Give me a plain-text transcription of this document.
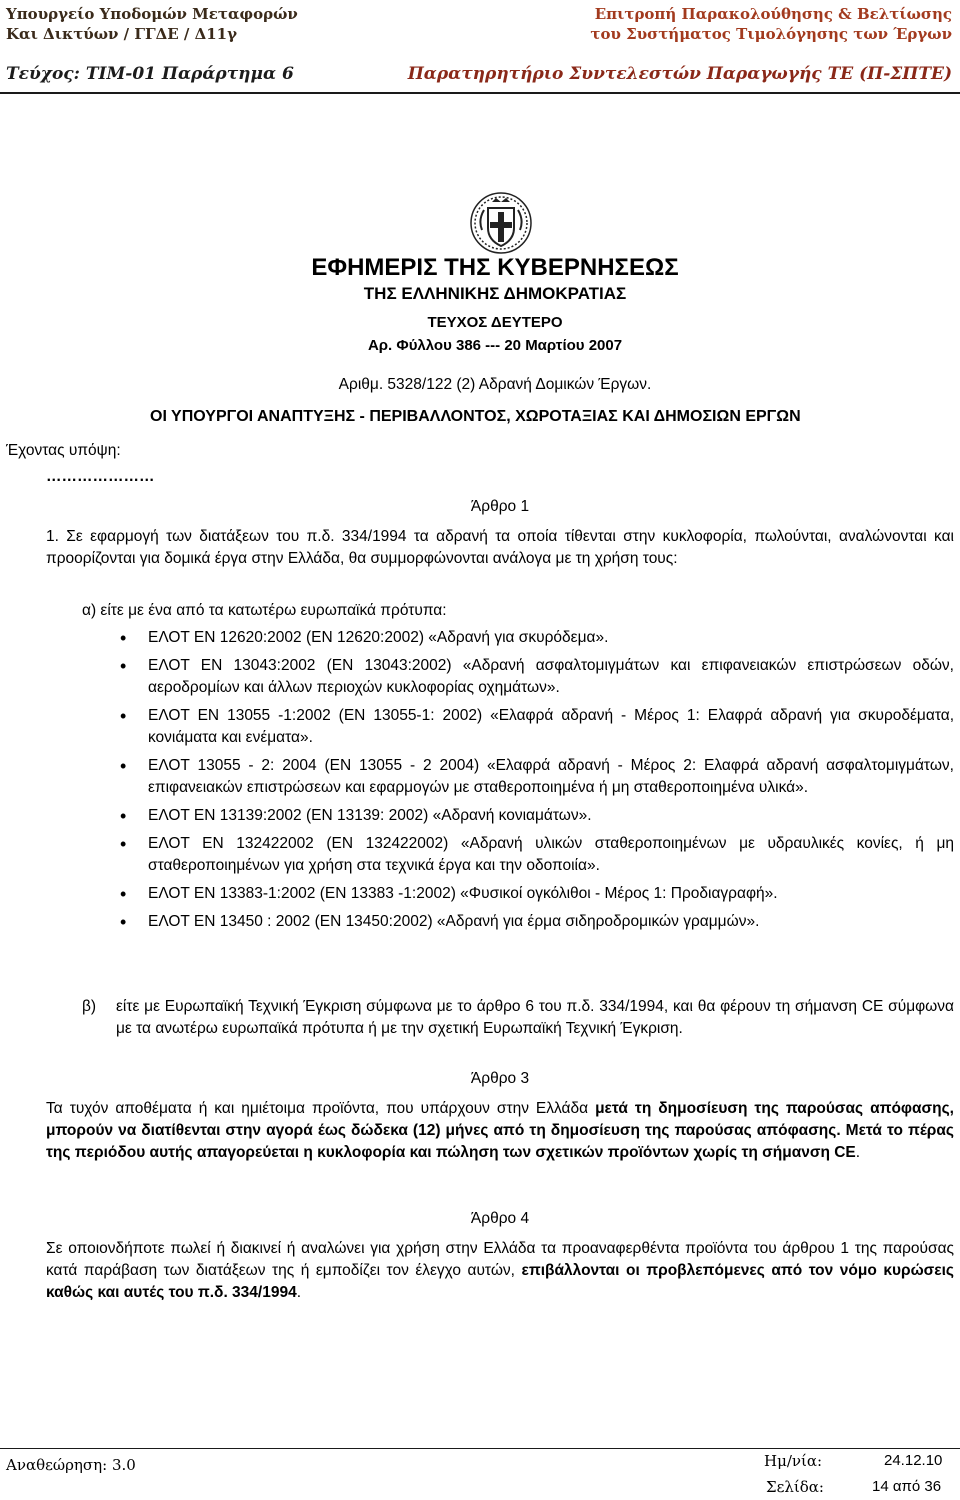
Υπουργείο Υποδομών Μεταφορών
Και Δικτύων / ΓΓΔΕ / Δ11γ
Επιτροπή Παρακολούθησης & Βελτίωσης
του Συστήματος Τιμολόγησης των Έργων
Τεύχος: ΤΙΜ-01 Παράρτημα 6	Παρατηρητήριο Συντελεστών Παραγωγής ΤΕ (Π-ΣΠΤΕ)
ΕΦΗΜΕΡΙΣ ΤΗΣ ΚΥΒΕΡΝΗΣΕΩΣ
ΤΗΣ ΕΛΛΗΝΙΚΗΣ ΔΗΜΟΚΡΑΤΙΑΣ
ΤΕΥΧΟΣ ΔΕΥΤΕΡΟ
Αρ. Φύλλου 386 --- 20 Μαρτίου 2007
Αριθμ. 5328/122 (2) Αδρανή Δομικών Έργων.
ΟΙ ΥΠΟΥΡΓΟΙ ΑΝΑΠΤΥΞΗΣ - ΠΕΡΙΒΑΛΛΟΝΤΟΣ, ΧΩΡΟΤΑΞΙΑΣ ΚΑΙ ΔΗΜΟΣΙΩΝ ΕΡΓΩΝ
Έχοντας υπόψη:
…………………
Άρθρο 1
1. Σε εφαρμογή των διατάξεων του π.δ. 334/1994 τα αδρανή τα οποία τίθενται στην κυκλοφορία, πωλούνται, αναλώνονται και προορίζονται για δομικά έργα στην Ελλάδα, θα συμμορφώνονται ανάλογα με τη χρήση τους:
α) είτε με ένα από τα κατωτέρω ευρωπαϊκά πρότυπα:
• ΕΛΟΤ ΕΝ 12620:2002 (ΕΝ 12620:2002) «Αδρανή για σκυρόδεμα».
• ΕΛΟΤ ΕΝ 13043:2002 (ΕΝ 13043:2002) «Αδρανή ασφαλτομιγμάτων και επιφανειακών επιστρώσεων οδών, αεροδρομίων και άλλων περιοχών κυκλοφορίας οχημάτων».
• ΕΛΟΤ ΕΝ 13055 -1:2002 (ΕΝ 13055-1: 2002) «Ελαφρά αδρανή - Μέρος 1: Ελαφρά αδρανή για σκυροδέματα, κονιάματα και ενέματα».
• ΕΛΟΤ 13055 - 2: 2004 (ΕΝ 13055 - 2 2004) «Ελαφρά αδρανή - Μέρος 2: Ελαφρά αδρανή ασφαλτομιγμάτων, επιφανειακών επιστρώσεων και εφαρμογών με σταθεροποιημένα ή μη σταθεροποιημένα υλικά».
• ΕΛΟΤ ΕΝ 13139:2002 (ΕΝ 13139: 2002) «Αδρανή κονιαμάτων».
• ΕΛΟΤ ΕΝ 132422002 (ΕΝ 132422002) «Αδρανή υλικών σταθεροποιημένων με υδραυλικές κονίες, ή μη σταθεροποιημένων για χρήση στα τεχνικά έργα και την οδοποιία».
• ΕΛΟΤ ΕΝ 13383-1:2002 (ΕΝ 13383 -1:2002) «Φυσικοί ογκόλιθοι - Μέρος 1: Προδιαγραφή».
• ΕΛΟΤ ΕΝ 13450 : 2002 (ΕΝ 13450:2002) «Αδρανή για έρμα σιδηροδρομικών γραμμών».
β) είτε με Ευρωπαϊκή Τεχνική Έγκριση σύμφωνα με το άρθρο 6 του π.δ. 334/1994, και θα φέρουν τη σήμανση CE σύμφωνα με τα ανωτέρω ευρωπαϊκά πρότυπα ή με την σχετική Ευρωπαϊκή Τεχνική Έγκριση.
Άρθρο 3
Τα τυχόν αποθέματα ή και ημιέτοιμα προϊόντα, που υπάρχουν στην Ελλάδα μετά τη δημοσίευση της παρούσας απόφασης, μπορούν να διατίθενται στην αγορά έως δώδεκα (12) μήνες από τη δημοσίευση της παρούσας απόφασης. Μετά το πέρας της περιόδου αυτής απαγορεύεται η κυκλοφορία και πώληση των σχετικών προϊόντων χωρίς τη σήμανση CE.
Άρθρο 4
Σε οποιονδήποτε πωλεί ή διακινεί ή αναλώνει για χρήση στην Ελλάδα τα προαναφερθέντα προϊόντα του άρθρου 1 της παρούσας κατά παράβαση των διατάξεων της ή εμποδίζει τον έλεγχο αυτών, επιβάλλονται οι προβλεπόμενες από τον νόμο κυρώσεις καθώς και αυτές του π.δ. 334/1994.
Αναθεώρηση: 3.0	Ημ/νία:	24.12.10
Σελίδα:	14 από 36
